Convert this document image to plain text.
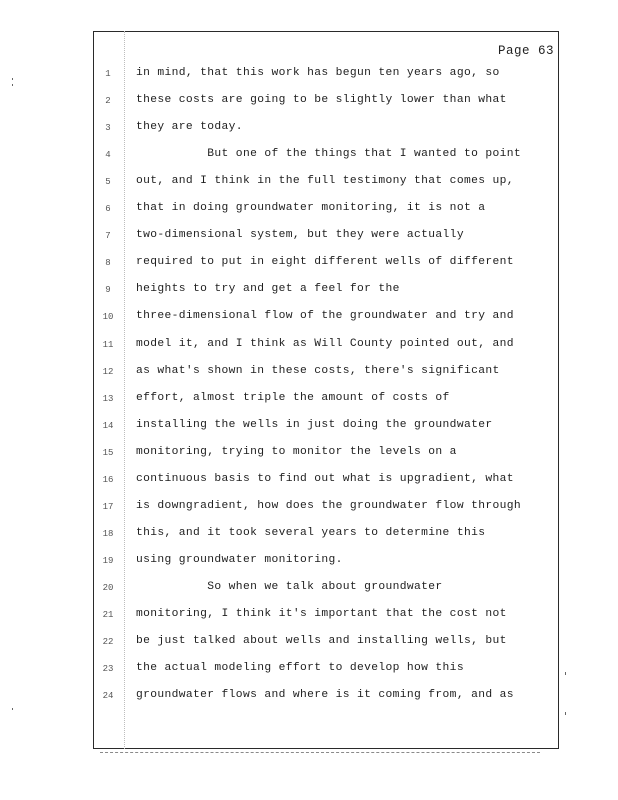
Page 63
1	in mind, that this work has begun ten years ago, so
2	these costs are going to be slightly lower than what
3	they are today.
4	But one of the things that I wanted to point
5	out, and I think in the full testimony that comes up,
6	that in doing groundwater monitoring, it is not a
7	two-dimensional system, but they were actually
8	required to put in eight different wells of different
9	heights to try and get a feel for the
10	three-dimensional flow of the groundwater and try and
11	model it, and I think as Will County pointed out, and
12	as what's shown in these costs, there's significant
13	effort, almost triple the amount of costs of
14	installing the wells in just doing the groundwater
15	monitoring, trying to monitor the levels on a
16	continuous basis to find out what is upgradient, what
17	is downgradient, how does the groundwater flow through
18	this, and it took several years to determine this
19	using groundwater monitoring.
20	So when we talk about groundwater
21	monitoring, I think it's important that the cost not
22	be just talked about wells and installing wells, but
23	the actual modeling effort to develop how this
24	groundwater flows and where is it coming from, and as
